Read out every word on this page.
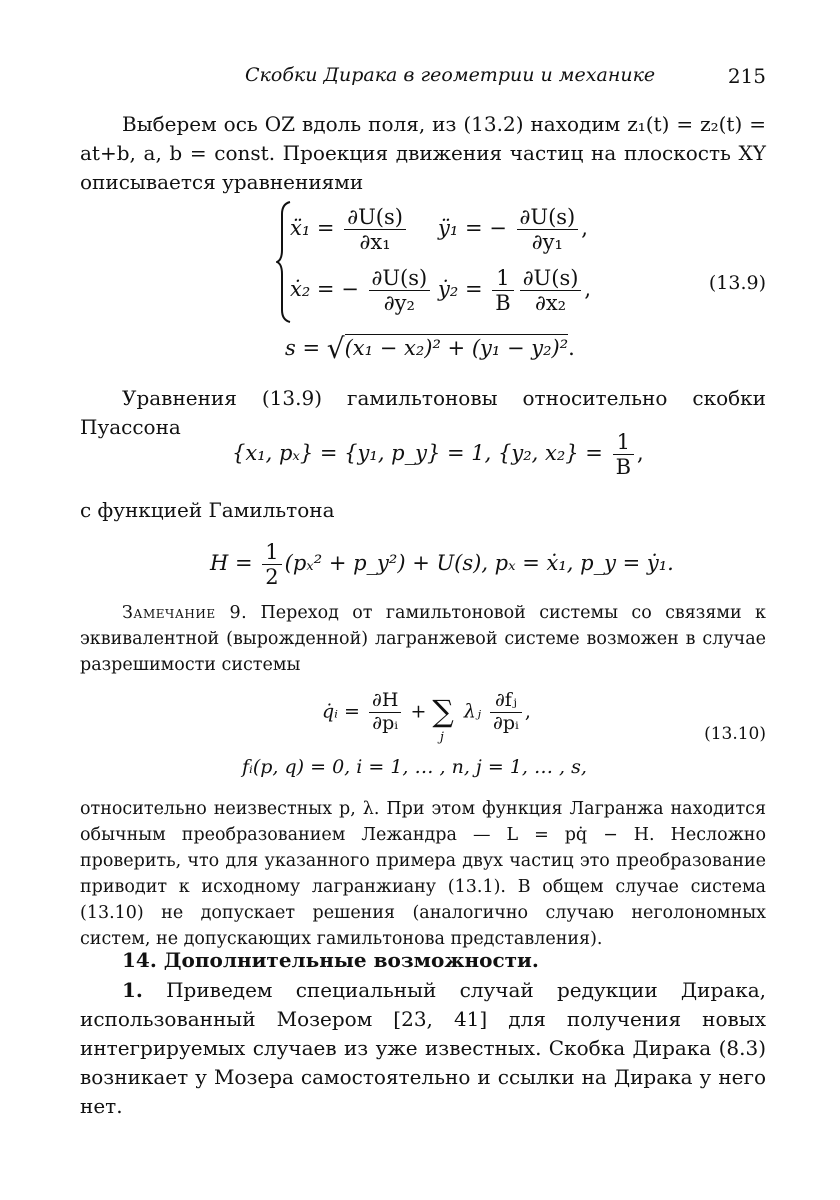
Скобки Дирака в геометрии и механике	215
Выберем ось OZ вдоль поля, из (13.2) находим z₁(t) = z₂(t) = at+b, a, b = const. Проекция движения частиц на плоскость XY описывается уравнениями
ẍ₁ = $\frac{\partial U(s)}{\text{∂x₁}}$ ÿ₁ = − $\frac{\partial U(s)}{\text{∂y₁}}$ ,
ẋ₂ = − $\frac{\partial U(s)}{\text{∂y₂}}$ ẏ₂ = $\frac{1}{B} \frac{\partial U(s)}{\text{∂x₂}}$ ,	(13.9)
s = √(x₁ − x₂)² + (y₁ − y₂)².
Уравнения (13.9) гамильтоновы относительно скобки Пуассона
{x₁, pₓ} = {y₁, p_y} = 1, {y₂, $x_2\} = \frac{1}{B}$ ,
с функцией Гамильтона
$H = \frac{1}{2} (p_x^2$ + p_y²) + U(s), pₓ = ẋ₁, p_y = ẏ₁.
Замечание 9. Переход от гамильтоновой системы со связями к эквивалентной (вырожденной) лагранжевой системе возможен в случае разрешимости системы
q̇ᵢ = $\frac{\partial H}{\text{∂pᵢ}} + \sum_j$ λⱼ $\frac{\text{∂fⱼ}}{\text{∂pᵢ}}$ ,
(13.10)
fᵢ(p, q) = 0, i = 1, … , n, j = 1, … , s,
относительно неизвестных p, λ. При этом функция Лагранжа находится обычным преобразованием Лежандра — L = pq̇ − H. Несложно проверить, что для указанного примера двух частиц это преобразование приводит к исходному лагранжиану (13.1). В общем случае система (13.10) не допускает решения (аналогично случаю неголономных систем, не допускающих гамильтонова представления).
14. Дополнительные возможности.
1. Приведем специальный случай редукции Дирака, использованный Мозером [23, 41] для получения новых интегрируемых случаев из уже известных. Скобка Дирака (8.3) возникает у Мозера самостоятельно и ссылки на Дирака у него нет.
